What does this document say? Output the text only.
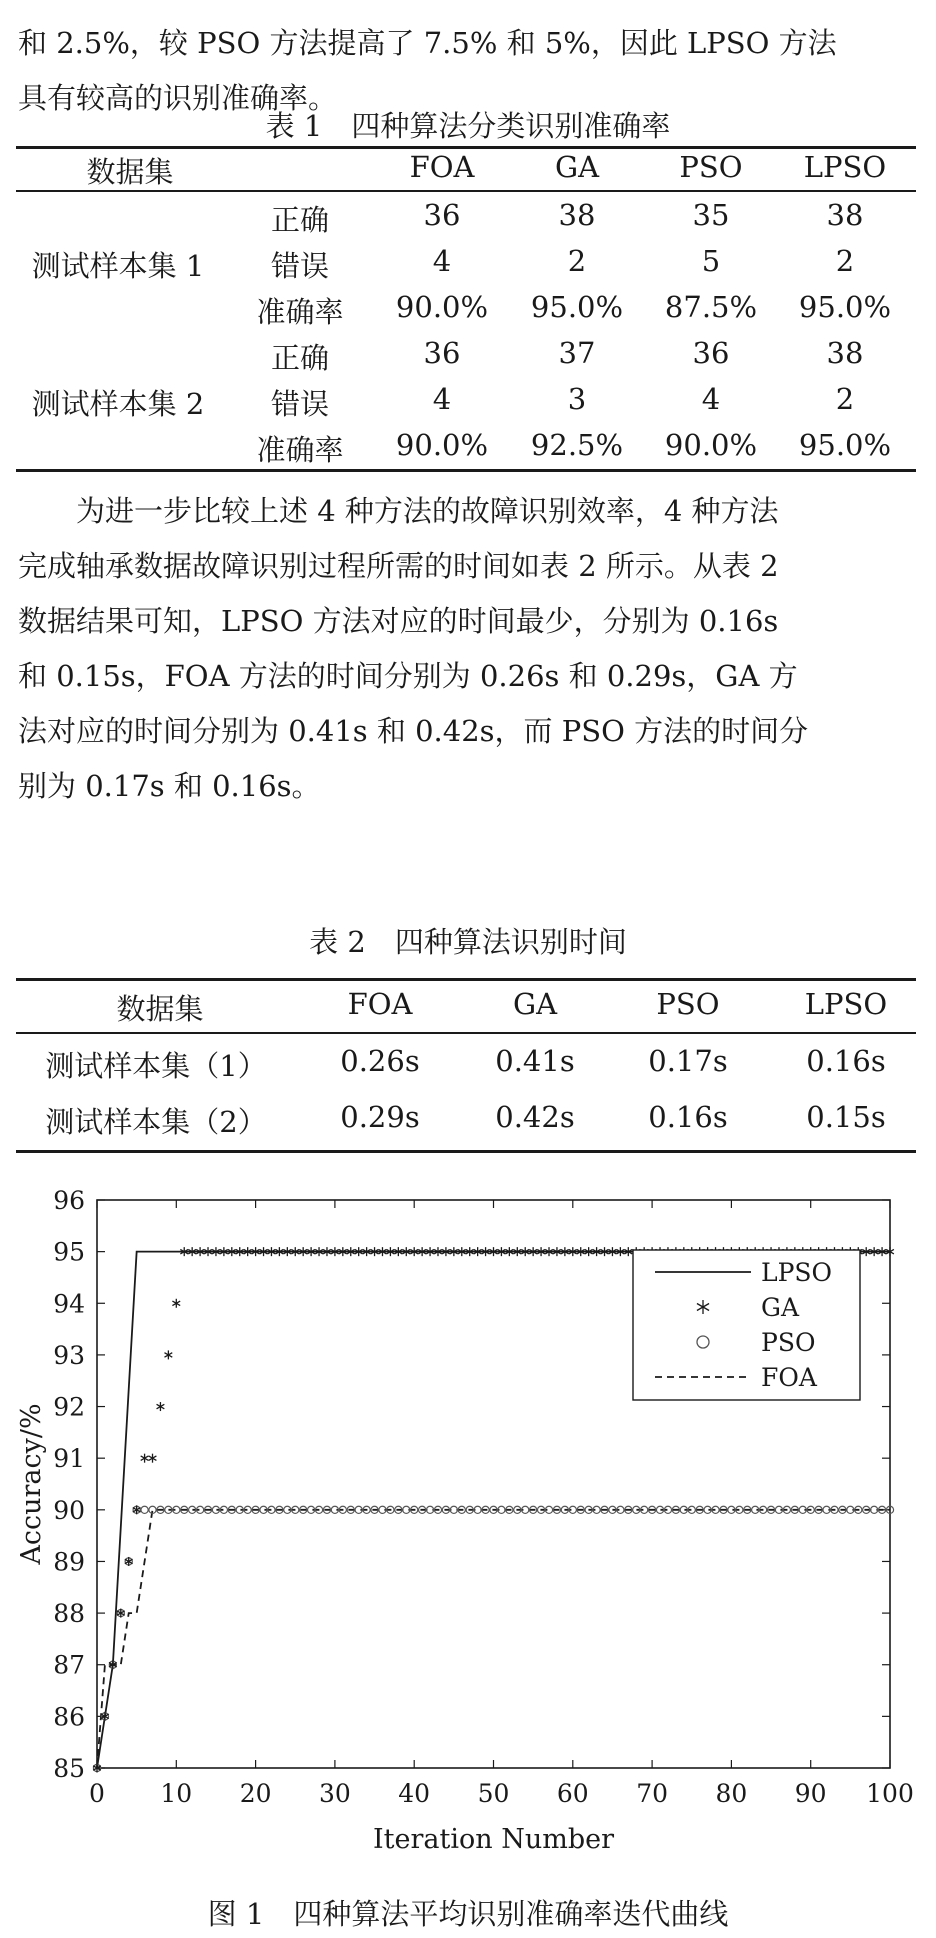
和 2.5%，较 PSO 方法提高了 7.5% 和 5%，因此 LPSO 方法
具有较高的识别准确率。
表 1　四种算法分类识别准确率
数据集	FOA	GA	PSO	LPSO
测试样本集 1
正确	36	38	35	38
错误	4	2	5	2
准确率	90.0%	95.0%	87.5%	95.0%
测试样本集 2
正确	36	37	36	38
错误	4	3	4	2
准确率	90.0%	92.5%	90.0%	95.0%
为进一步比较上述 4 种方法的故障识别效率，4 种方法
完成轴承数据故障识别过程所需的时间如表 2 所示。从表 2
数据结果可知，LPSO 方法对应的时间最少，分别为 0.16s
和 0.15s，FOA 方法的时间分别为 0.26s 和 0.29s，GA 方
法对应的时间分别为 0.41s 和 0.42s，而 PSO 方法的时间分
别为 0.17s 和 0.16s。
表 2　四种算法识别时间
数据集	FOA	GA	PSO	LPSO
测试样本集（1）	0.26s	0.41s	0.17s	0.16s
测试样本集（2）	0.29s	0.42s	0.16s	0.15s
0 10 20 30 40 50 60 70 80 90 100
85
86
87
88
89
90
91
92
93
94
95
96
Iteration Number
Accuracy/%
LPSO
GA
PSO
FOA
图 1　四种算法平均识别准确率迭代曲线
